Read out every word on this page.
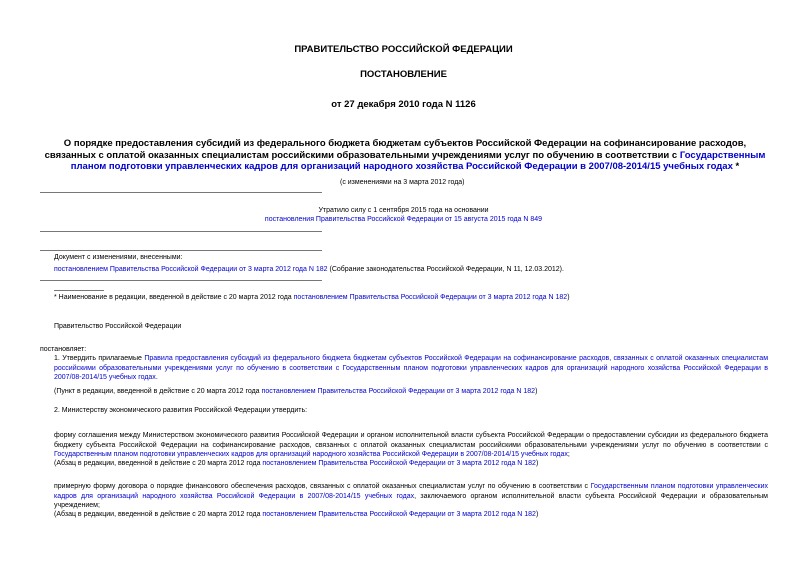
ПРАВИТЕЛЬСТВО РОССИЙСКОЙ ФЕДЕРАЦИИ
ПОСТАНОВЛЕНИЕ
от 27 декабря 2010 года N 1126
О порядке предоставления субсидий из федерального бюджета бюджетам субъектов Российской Федерации на софинансирование расходов, связанных с оплатой оказанных специалистам российскими образовательными учреждениями услуг по обучению в соответствии с Государственным планом подготовки управленческих кадров для организаций народного хозяйства Российской Федерации в 2007/08-2014/15 учебных годах *
(с изменениями на 3 марта 2012 года)
Утратило силу с 1 сентября 2015 года на основании
постановления Правительства Российской Федерации от 15 августа 2015 года N 849
Документ с изменениями, внесенными:
постановлением Правительства Российской Федерации от 3 марта 2012 года N 182 (Собрание законодательства Российской Федерации, N 11, 12.03.2012).
* Наименование в редакции, введенной в действие с 20 марта 2012 года постановлением Правительства Российской Федерации от 3 марта 2012 года N 182)
Правительство Российской Федерации
постановляет:
1. Утвердить прилагаемые Правила предоставления субсидий из федерального бюджета бюджетам субъектов Российской Федерации на софинансирование расходов, связанных с оплатой оказанных специалистам российскими образовательными учреждениями услуг по обучению в соответствии с Государственным планом подготовки управленческих кадров для организаций народного хозяйства Российской Федерации в 2007/08-2014/15 учебных годах.
(Пункт в редакции, введенной в действие с 20 марта 2012 года постановлением Правительства Российской Федерации от 3 марта 2012 года N 182)
2. Министерству экономического развития Российской Федерации утвердить:
форму соглашения между Министерством экономического развития Российской Федерации и органом исполнительной власти субъекта Российской Федерации о предоставлении субсидии из федерального бюджета бюджету субъекта Российской Федерации на софинансирование расходов, связанных с оплатой оказанных специалистам российскими образовательными учреждениями услуг по обучению в соответствии с Государственным планом подготовки управленческих кадров для организаций народного хозяйства Российской Федерации в 2007/08-2014/15 учебных годах;
(Абзац в редакции, введенной в действие с 20 марта 2012 года постановлением Правительства Российской Федерации от 3 марта 2012 года N 182)
примерную форму договора о порядке финансового обеспечения расходов, связанных с оплатой оказанных специалистам услуг по обучению в соответствии с Государственным планом подготовки управленческих кадров для организаций народного хозяйства Российской Федерации в 2007/08-2014/15 учебных годах, заключаемого органом исполнительной власти субъекта Российской Федерации и образовательным учреждением;
(Абзац в редакции, введенной в действие с 20 марта 2012 года постановлением Правительства Российской Федерации от 3 марта 2012 года N 182)
